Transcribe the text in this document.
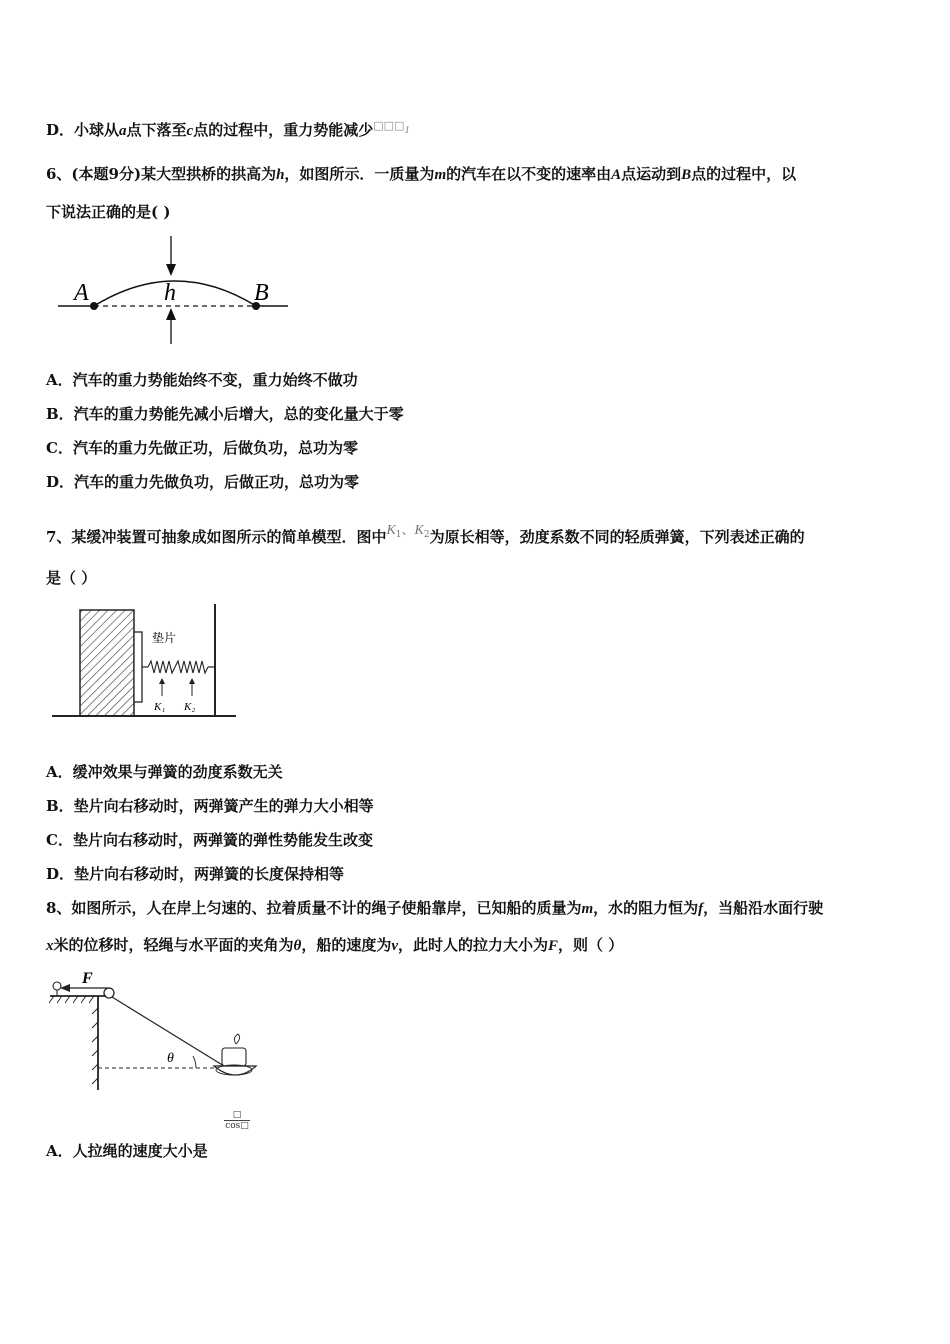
D．小球从a点下落至c点的过程中，重力势能减少□□□1
6、(本题9分)某大型拱桥的拱高为h，如图所示．一质量为m的汽车在以不变的速率由A点运动到B点的过程中，以
下说法正确的是( )
A	h	B
A．汽车的重力势能始终不变，重力始终不做功
B．汽车的重力势能先减小后增大，总的变化量大于零
C．汽车的重力先做正功，后做负功，总功为零
D．汽车的重力先做负功，后做正功，总功为零
7、某缓冲装置可抽象成如图所示的简单模型．图中$K_1$、$K_2$为原长相等，劲度系数不同的轻质弹簧，下列表述正确的
是（ ）
垫片
K₁ K₂
A．缓冲效果与弹簧的劲度系数无关
B．垫片向右移动时，两弹簧产生的弹力大小相等
C．垫片向右移动时，两弹簧的弹性势能发生改变
D．垫片向右移动时，两弹簧的长度保持相等
8、如图所示，人在岸上匀速的、拉着质量不计的绳子使船靠岸，已知船的质量为m，水的阻力恒为f，当船沿水面行驶
x米的位移时，轻绳与水平面的夹角为θ，船的速度为v，此时人的拉力大小为F，则（ ）
F
θ
□
cos□
A．人拉绳的速度大小是
